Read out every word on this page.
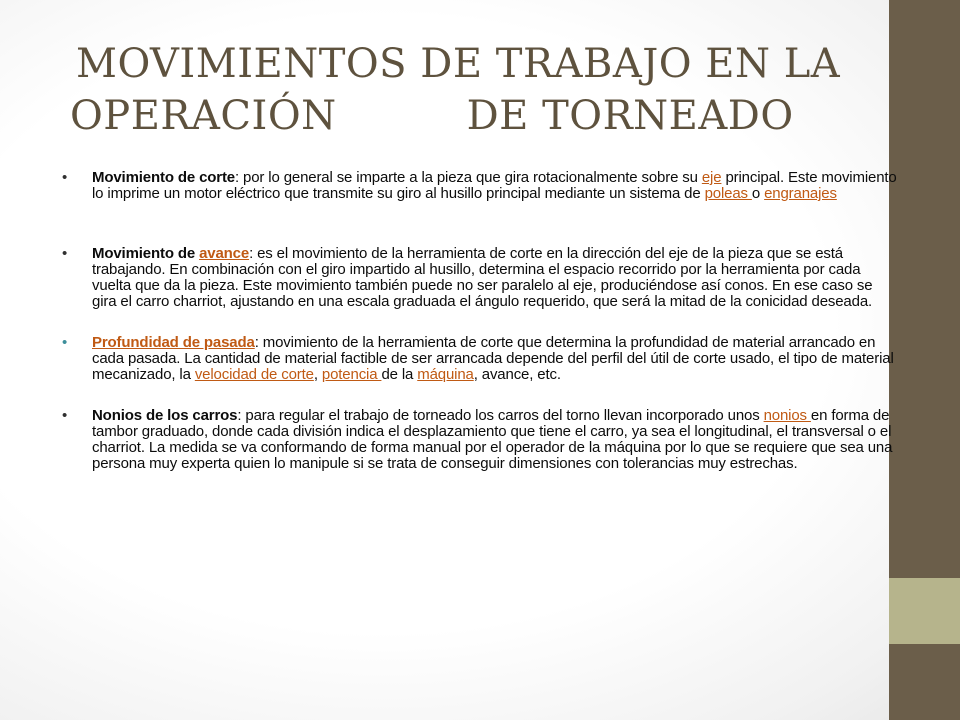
MOVIMIENTOS DE TRABAJO EN LA
OPERACIÓN	DE TORNEADO
• Movimiento de corte: por lo general se imparte a la pieza que gira rotacionalmente sobre su eje principal. Este movimiento lo imprime un motor eléctrico que transmite su giro al husillo principal mediante un sistema de poleas o engranajes
• Movimiento de avance: es el movimiento de la herramienta de corte en la dirección del eje de la pieza que se está trabajando. En combinación con el giro impartido al husillo, determina el espacio recorrido por la herramienta por cada vuelta que da la pieza. Este movimiento también puede no ser paralelo al eje, produciéndose así conos. En ese caso se gira el carro charriot, ajustando en una escala graduada el ángulo requerido, que será la mitad de la conicidad deseada.
• Profundidad de pasada: movimiento de la herramienta de corte que determina la profundidad de material arrancado en cada pasada. La cantidad de material factible de ser arrancada depende del perfil del útil de corte usado, el tipo de material mecanizado, la velocidad de corte, potencia de la máquina, avance, etc.
• Nonios de los carros: para regular el trabajo de torneado los carros del torno llevan incorporado unos nonios en forma de tambor graduado, donde cada división indica el desplazamiento que tiene el carro, ya sea el longitudinal, el transversal o el charriot. La medida se va conformando de forma manual por el operador de la máquina por lo que se requiere que sea una persona muy experta quien lo manipule si se trata de conseguir dimensiones con tolerancias muy estrechas.
